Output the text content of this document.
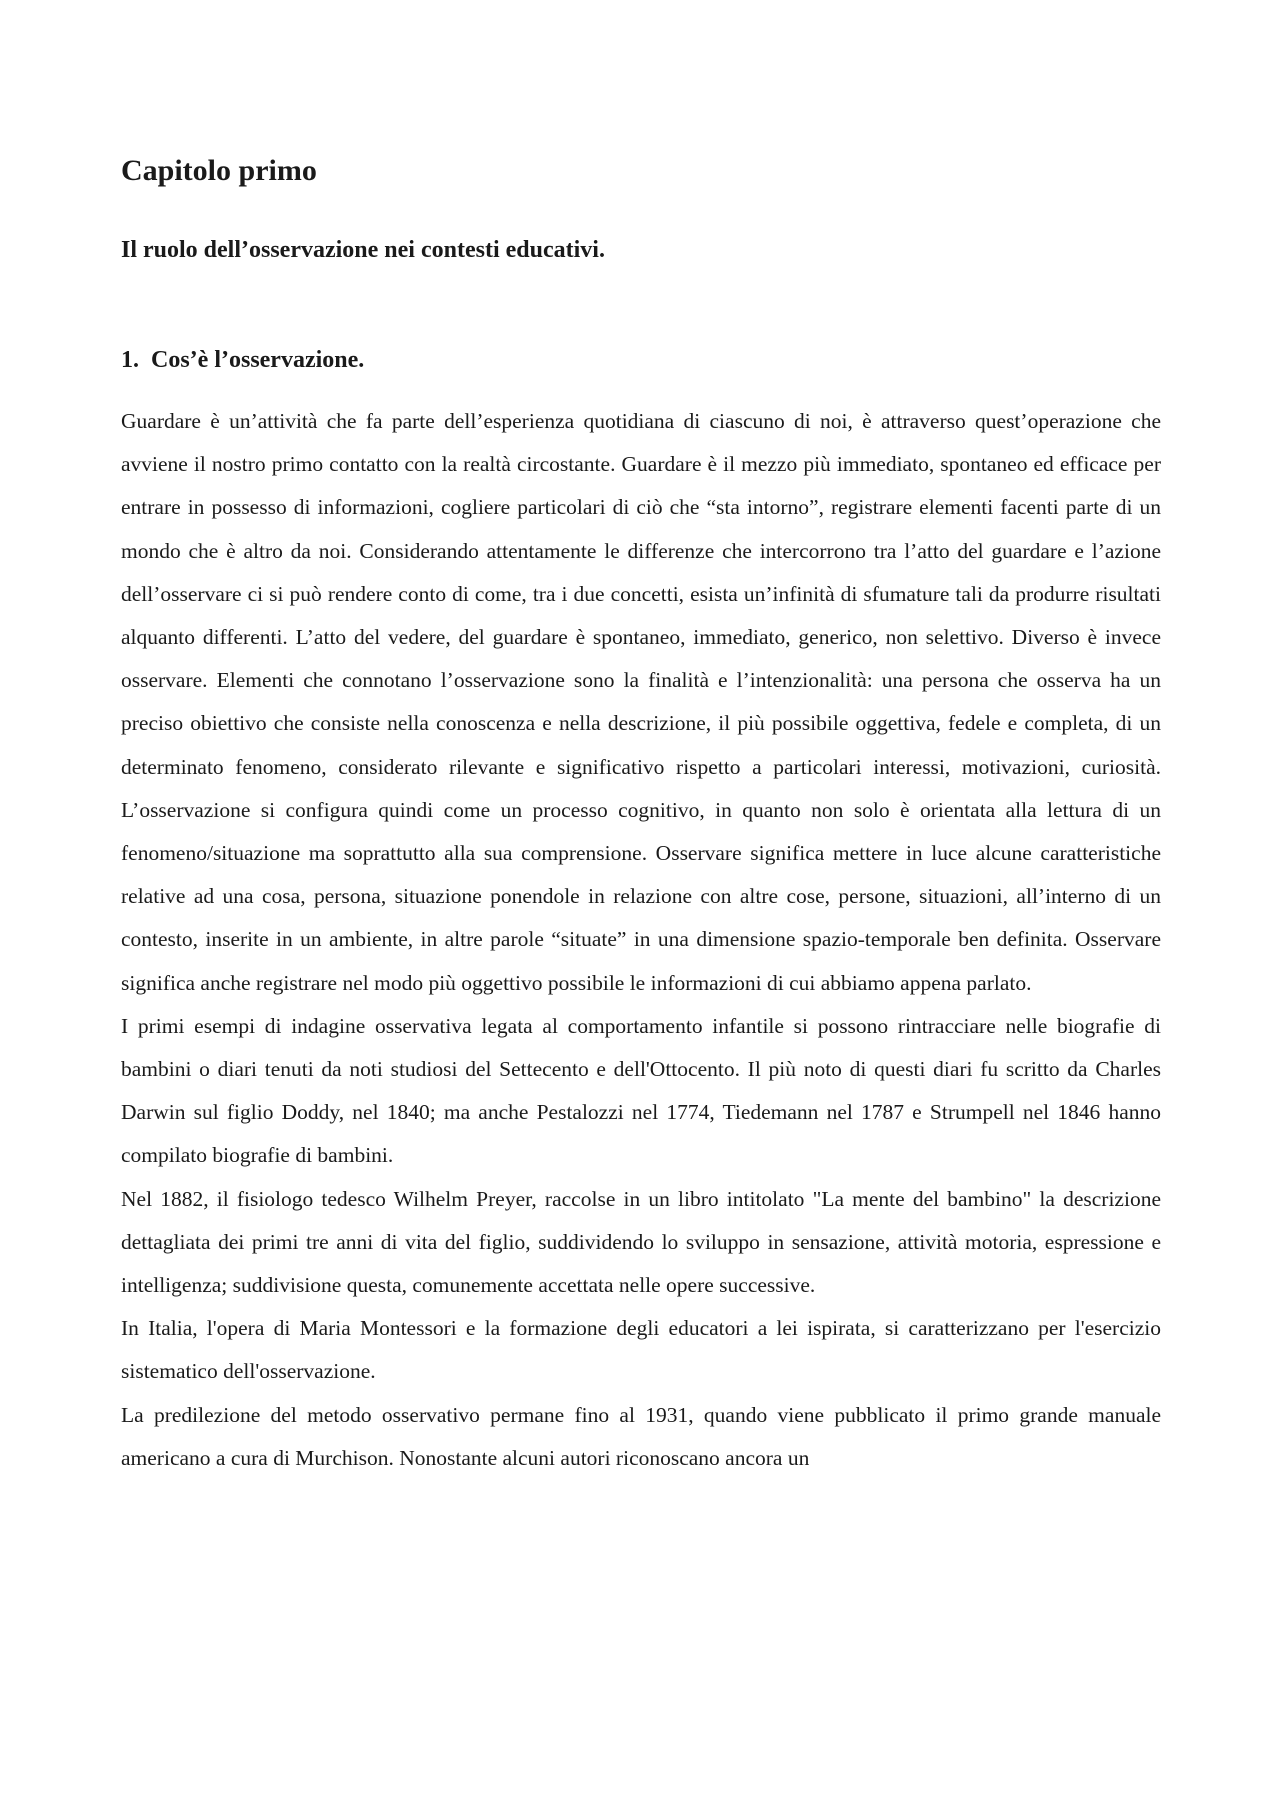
Capitolo primo
Il ruolo dell’osservazione nei contesti educativi.
1. Cos’è l’osservazione.

Guardare è un’attività che fa parte dell’esperienza quotidiana di ciascuno di noi, è attraverso quest’operazione che avviene il nostro primo contatto con la realtà circostante. Guardare è il mezzo più immediato, spontaneo ed efficace per entrare in possesso di informazioni, cogliere particolari di ciò che “sta intorno”, registrare elementi facenti parte di un mondo che è altro da noi. Considerando attentamente le differenze che intercorrono tra l’atto del guardare e l’azione dell’osservare ci si può rendere conto di come, tra i due concetti, esista un’infinità di sfumature tali da produrre risultati alquanto differenti. L’atto del vedere, del guardare è spontaneo, immediato, generico, non selettivo. Diverso è invece osservare. Elementi che connotano l’osservazione sono la finalità e l’intenzionalità: una persona che osserva ha un preciso obiettivo che consiste nella conoscenza e nella descrizione, il più possibile oggettiva, fedele e completa, di un determinato fenomeno, considerato rilevante e significativo rispetto a particolari interessi, motivazioni, curiosità. L’osservazione si configura quindi come un processo cognitivo, in quanto non solo è orientata alla lettura di un fenomeno/situazione ma soprattutto alla sua comprensione. Osservare significa mettere in luce alcune caratteristiche relative ad una cosa, persona, situazione ponendole in relazione con altre cose, persone, situazioni, all’interno di un contesto, inserite in un ambiente, in altre parole “situate” in una dimensione spazio-temporale ben definita. Osservare significa anche registrare nel modo più oggettivo possibile le informazioni di cui abbiamo appena parlato.

I primi esempi di indagine osservativa legata al comportamento infantile si possono rintracciare nelle biografie di bambini o diari tenuti da noti studiosi del Settecento e dell'Ottocento. Il più noto di questi diari fu scritto da Charles Darwin sul figlio Doddy, nel 1840; ma anche Pestalozzi nel 1774, Tiedemann nel 1787 e Strumpell nel 1846 hanno compilato biografie di bambini.

Nel 1882, il fisiologo tedesco Wilhelm Preyer, raccolse in un libro intitolato "La mente del bambino" la descrizione dettagliata dei primi tre anni di vita del figlio, suddividendo lo sviluppo in sensazione, attività motoria, espressione e intelligenza; suddivisione questa, comunemente accettata nelle opere successive.

In Italia, l'opera di Maria Montessori e la formazione degli educatori a lei ispirata, si caratterizzano per l'esercizio sistematico dell'osservazione.

La predilezione del metodo osservativo permane fino al 1931, quando viene pubblicato il primo grande manuale americano a cura di Murchison. Nonostante alcuni autori riconoscano ancora un
